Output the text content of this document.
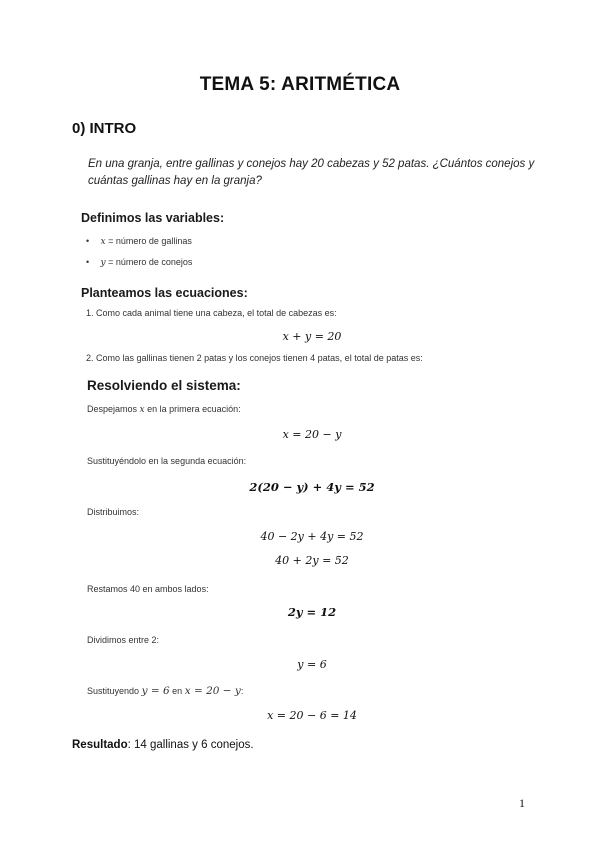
TEMA 5: ARITMÉTICA
0) INTRO
En una granja, entre gallinas y conejos hay 20 cabezas y 52 patas. ¿Cuántos conejos y cuántas gallinas hay en la granja?
Definimos las variables:
• x = número de gallinas
• y = número de conejos
Planteamos las ecuaciones:
1. Como cada animal tiene una cabeza, el total de cabezas es:
x + y = 20
2. Como las gallinas tienen 2 patas y los conejos tienen 4 patas, el total de patas es:
Resolviendo el sistema:
Despejamos x en la primera ecuación:
x = 20 − y
Sustituyéndolo en la segunda ecuación:
2(20 − y) + 4y = 52
Distribuimos:
40 − 2y + 4y = 52
40 + 2y = 52
Restamos 40 en ambos lados:
2y = 12
Dividimos entre 2:
y = 6
Sustituyendo y = 6 en x = 20 − y:
x = 20 − 6 = 14
Resultado: 14 gallinas y 6 conejos.
1
